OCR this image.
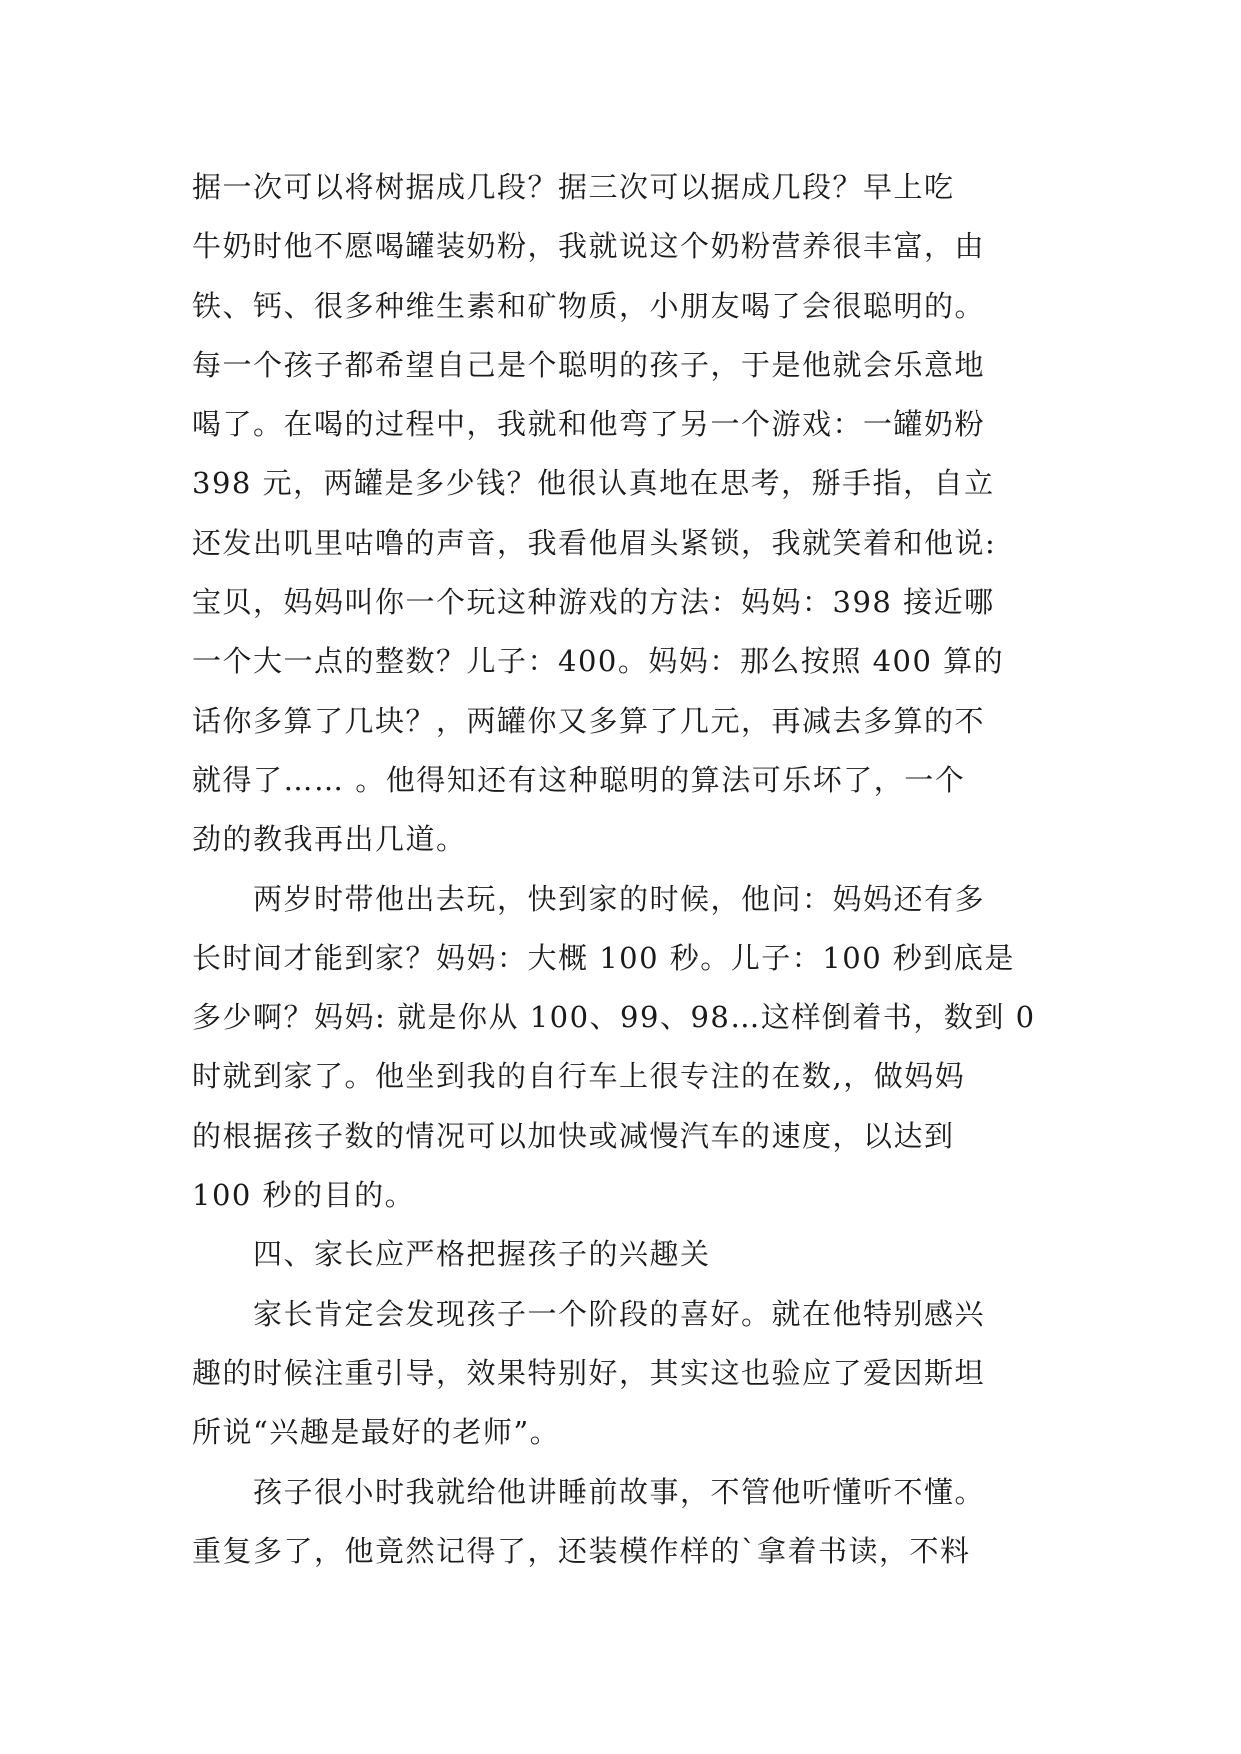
据一次可以将树据成几段？据三次可以据成几段？早上吃
牛奶时他不愿喝罐装奶粉，我就说这个奶粉营养很丰富，由
铁、钙、很多种维生素和矿物质，小朋友喝了会很聪明的。
每一个孩子都希望自己是个聪明的孩子，于是他就会乐意地
喝了。在喝的过程中，我就和他弯了另一个游戏：一罐奶粉
398 元，两罐是多少钱？他很认真地在思考，掰手指，自立
还发出叽里咕噜的声音，我看他眉头紧锁，我就笑着和他说:
宝贝，妈妈叫你一个玩这种游戏的方法：妈妈：398 接近哪
一个大一点的整数？儿子：400。妈妈：那么按照 400 算的
话你多算了几块？，两罐你又多算了几元，再减去多算的不
就得了…… 。他得知还有这种聪明的算法可乐坏了，一个
劲的教我再出几道。
两岁时带他出去玩，快到家的时候，他问：妈妈还有多
长时间才能到家？妈妈：大概 100 秒。儿子：100 秒到底是
多少啊？妈妈: 就是你从 100、99、98…这样倒着书，数到 0
时就到家了。他坐到我的自行车上很专注的在数,，做妈妈
的根据孩子数的情况可以加快或减慢汽车的速度，以达到
100 秒的目的。
四、家长应严格把握孩子的兴趣关
家长肯定会发现孩子一个阶段的喜好。就在他特别感兴
趣的时候注重引导，效果特别好，其实这也验应了爱因斯坦
所说“兴趣是最好的老师”。
孩子很小时我就给他讲睡前故事，不管他听懂听不懂。
重复多了，他竟然记得了，还装模作样的`拿着书读，不料
